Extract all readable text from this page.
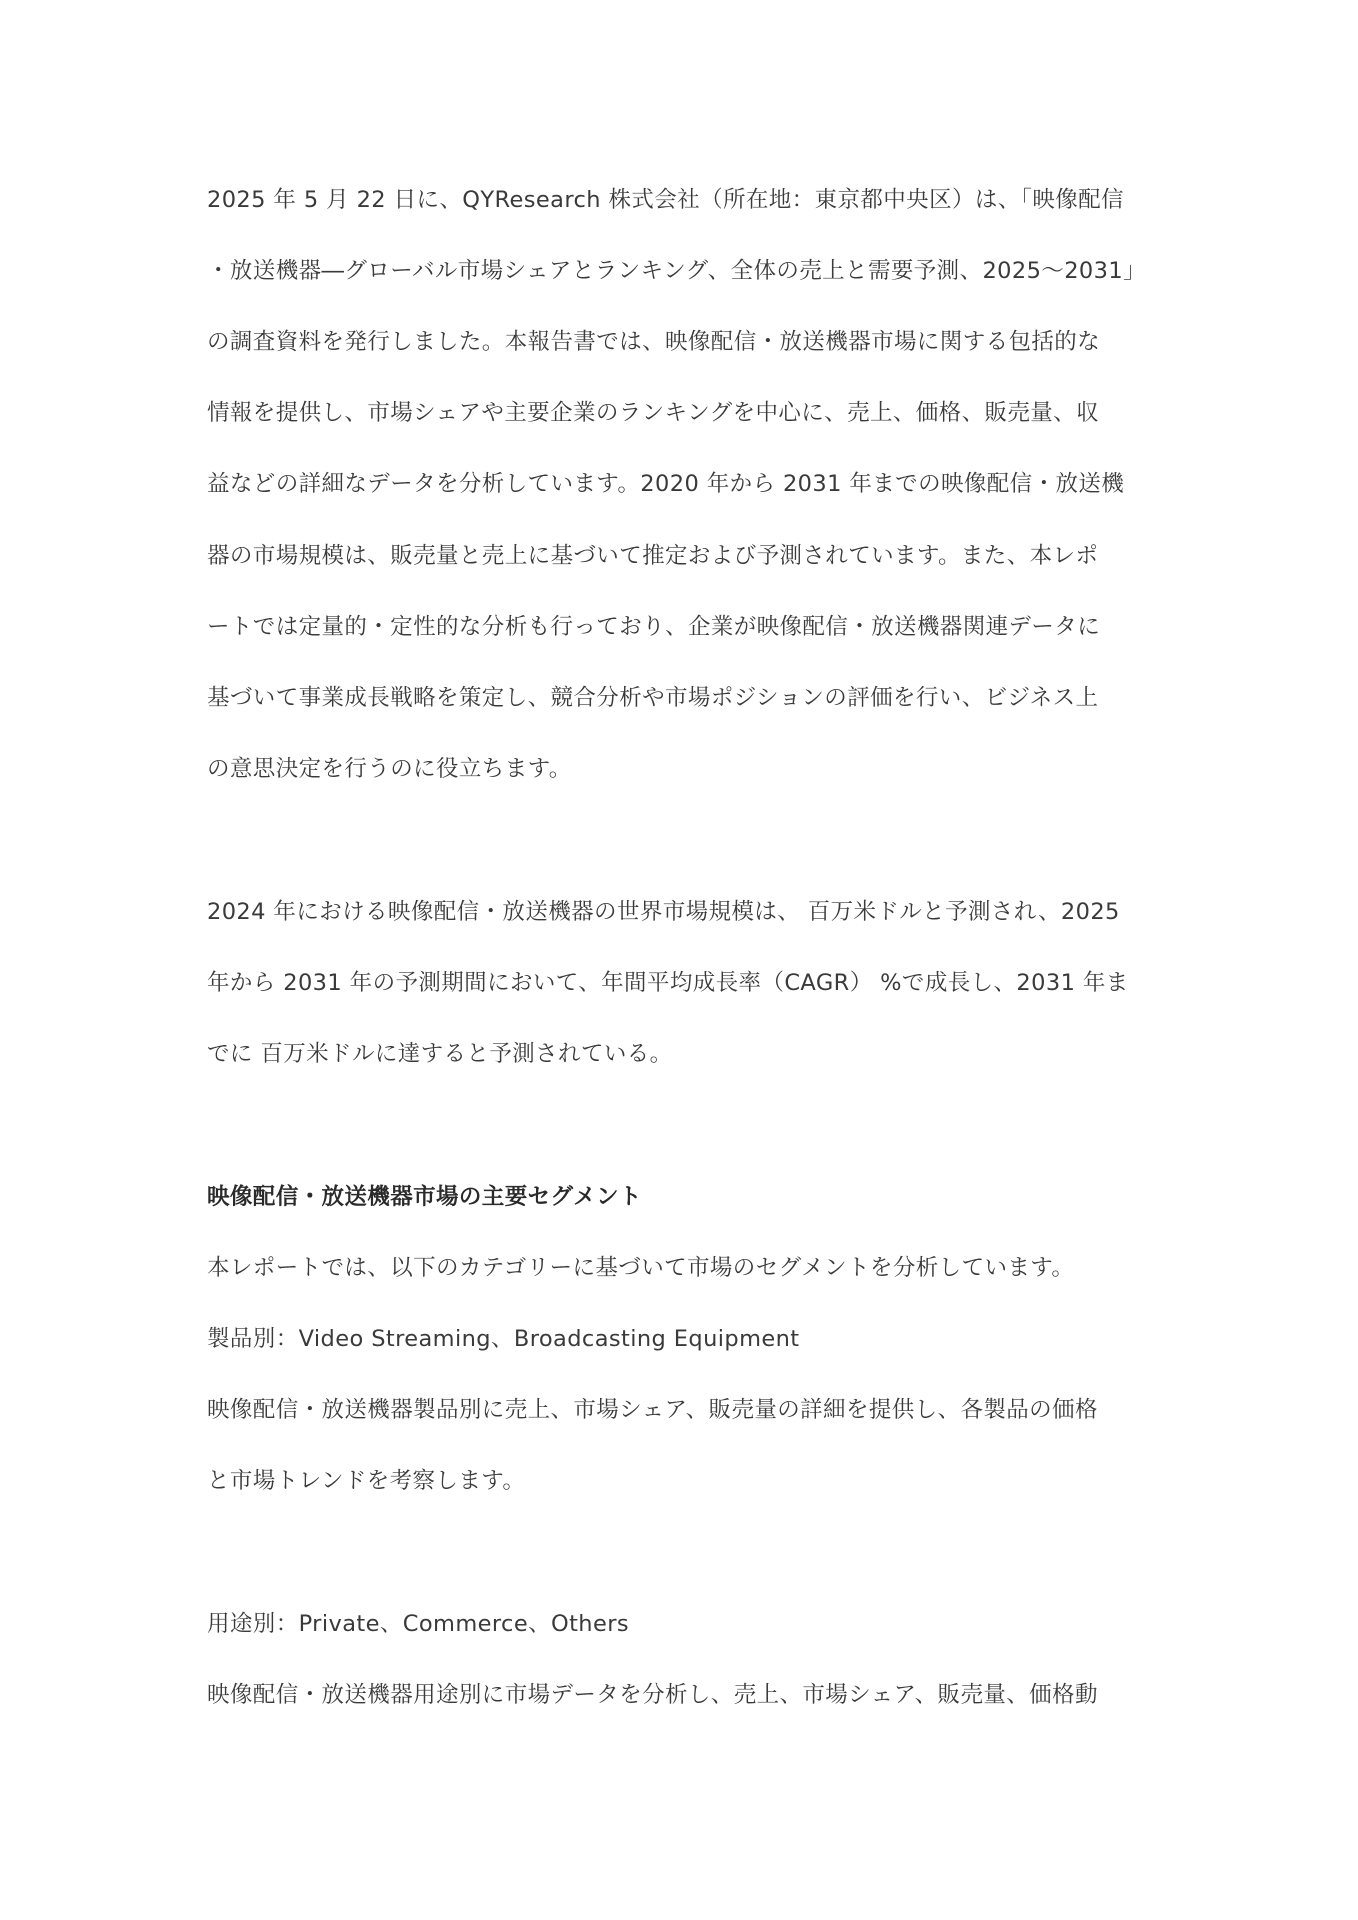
2025 年 5 月 22 日に、QYResearch 株式会社（所在地：東京都中央区）は、「映像配信
・放送機器―グローバル市場シェアとランキング、全体の売上と需要予測、2025～2031」
の調査資料を発行しました。本報告書では、映像配信・放送機器市場に関する包括的な
情報を提供し、市場シェアや主要企業のランキングを中心に、売上、価格、販売量、収
益などの詳細なデータを分析しています。2020 年から 2031 年までの映像配信・放送機
器の市場規模は、販売量と売上に基づいて推定および予測されています。また、本レポ
ートでは定量的・定性的な分析も行っており、企業が映像配信・放送機器関連データに
基づいて事業成長戦略を策定し、競合分析や市場ポジションの評価を行い、ビジネス上
の意思決定を行うのに役立ちます。
2024 年における映像配信・放送機器の世界市場規模は、 百万米ドルと予測され、2025
年から 2031 年の予測期間において、年間平均成長率（CAGR） %で成長し、2031 年ま
でに 百万米ドルに達すると予測されている。
映像配信・放送機器市場の主要セグメント
本レポートでは、以下のカテゴリーに基づいて市場のセグメントを分析しています。
製品別：Video Streaming、Broadcasting Equipment
映像配信・放送機器製品別に売上、市場シェア、販売量の詳細を提供し、各製品の価格
と市場トレンドを考察します。
用途別：Private、Commerce、Others
映像配信・放送機器用途別に市場データを分析し、売上、市場シェア、販売量、価格動
